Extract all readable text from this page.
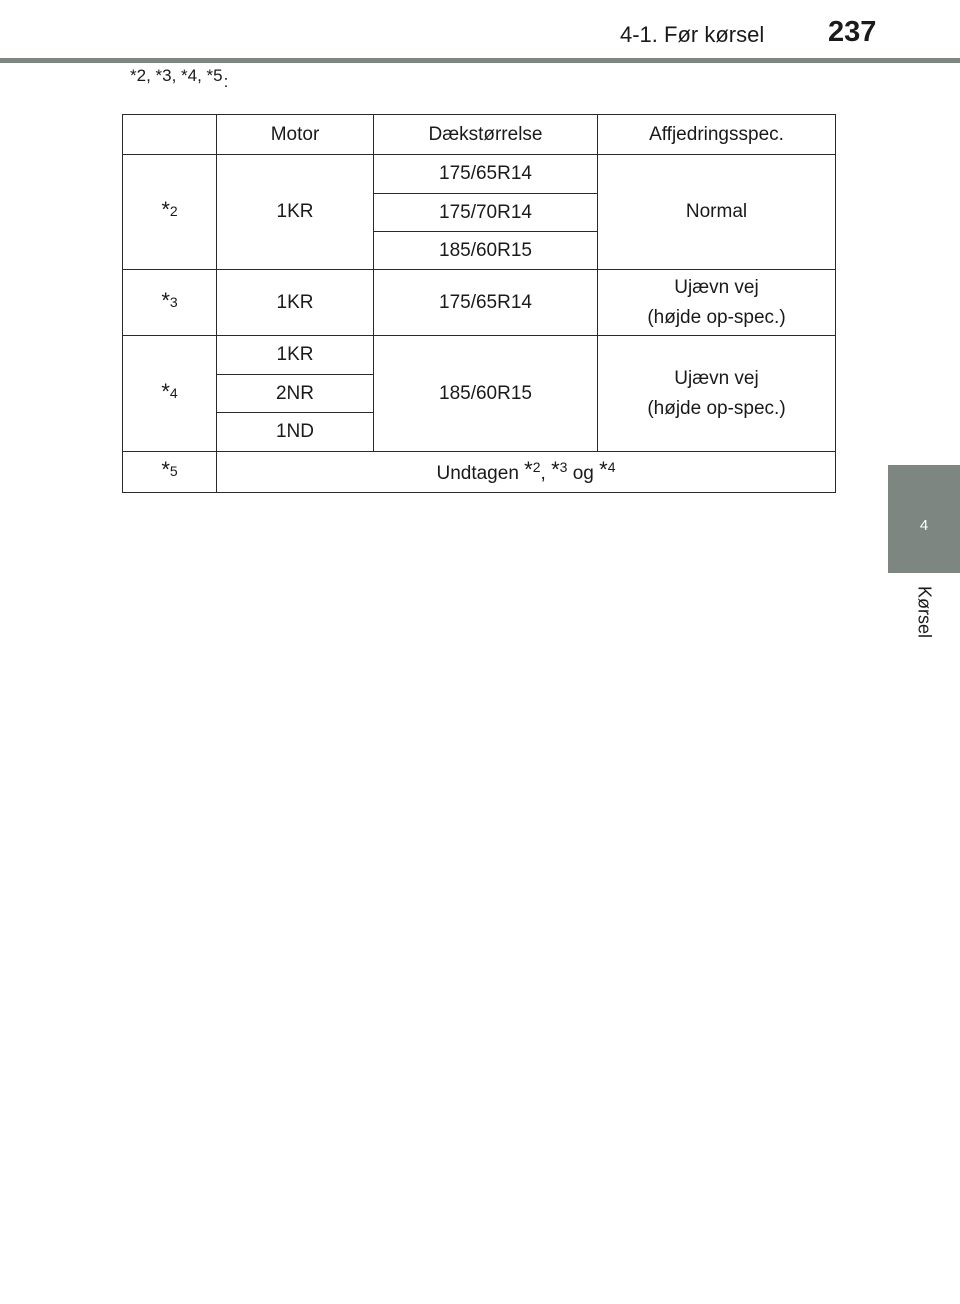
4-1. Før kørsel 237
*2, *3, *4, *5:
4
Kørsel
	Motor	Dækstørrelse	Affjedringsspec.
*2	1KR	175/65R14	Normal
		175/70R14	
		185/60R15	
*3	1KR	175/65R14	Ujævn vej
(højde op-spec.)

*4	1KR	185/60R15	Ujævn vej
(højde op-spec.)

	2NR		
	1ND		
*5	Undtagen *$^2$, *$^3$ og *$^4$
